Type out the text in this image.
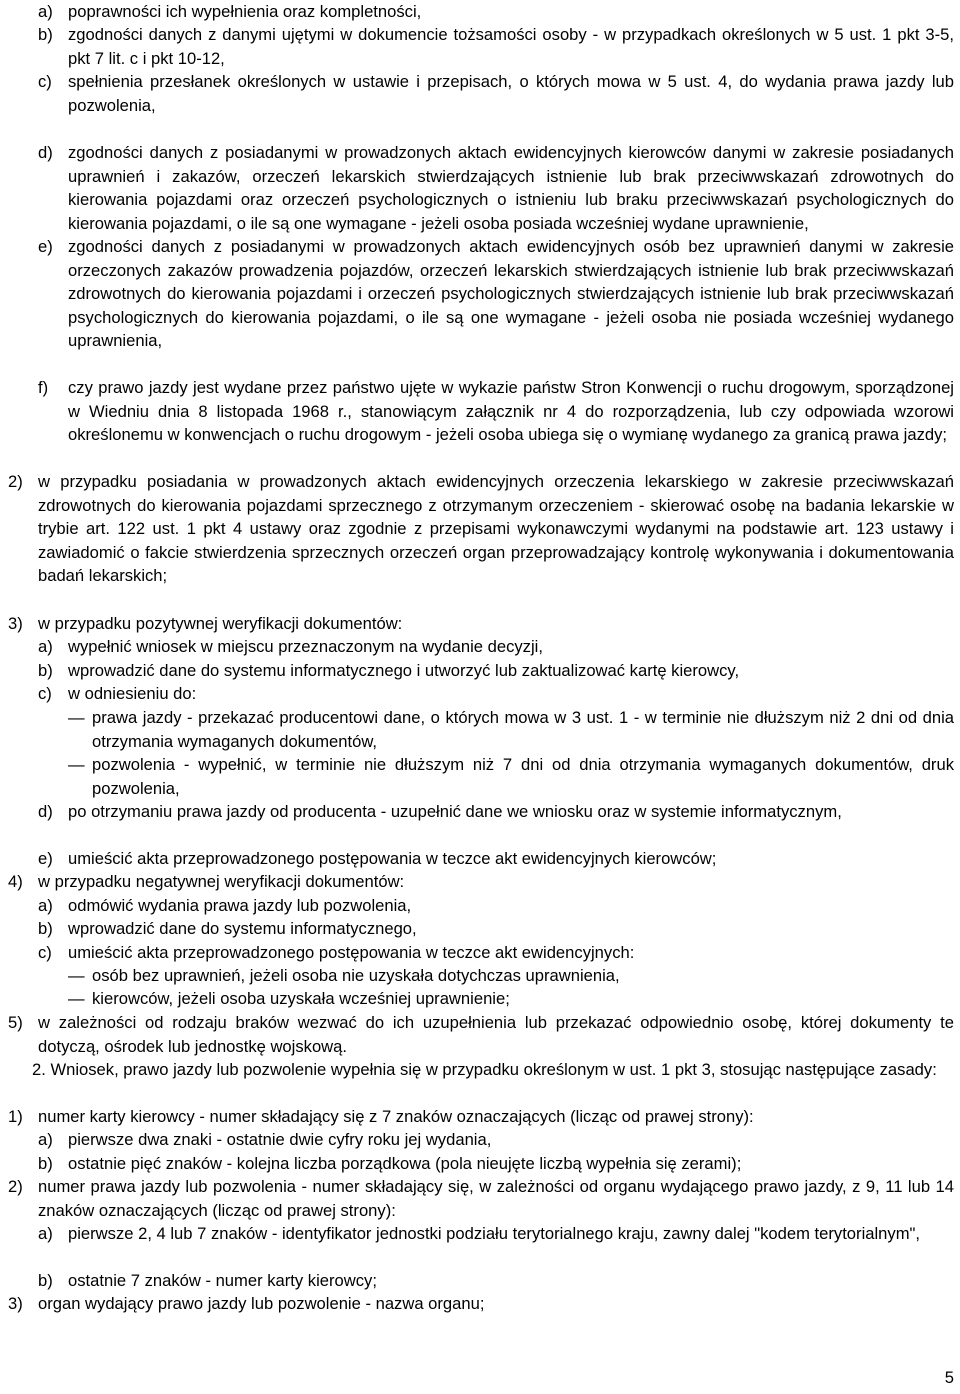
a) poprawności ich wypełnienia oraz kompletności,
b) zgodności danych z danymi ujętymi w dokumencie tożsamości osoby - w przypadkach określonych w 5 ust. 1 pkt 3-5, pkt 7 lit. c i pkt 10-12,
c) spełnienia przesłanek określonych w ustawie i przepisach, o których mowa w 5 ust. 4, do wydania prawa jazdy lub pozwolenia,
d) zgodności danych z posiadanymi w prowadzonych aktach ewidencyjnych kierowców danymi w zakresie posiadanych uprawnień i zakazów, orzeczeń lekarskich stwierdzających istnienie lub brak przeciwwskazań zdrowotnych do kierowania pojazdami oraz orzeczeń psychologicznych o istnieniu lub braku przeciwwskazań psychologicznych do kierowania pojazdami, o ile są one wymagane - jeżeli osoba posiada wcześniej wydane uprawnienie,
e) zgodności danych z posiadanymi w prowadzonych aktach ewidencyjnych osób bez uprawnień danymi w zakresie orzeczonych zakazów prowadzenia pojazdów, orzeczeń lekarskich stwierdzających istnienie lub brak przeciwwskazań zdrowotnych do kierowania pojazdami i orzeczeń psychologicznych stwierdzających istnienie lub brak przeciwwskazań psychologicznych do kierowania pojazdami, o ile są one wymagane - jeżeli osoba nie posiada wcześniej wydanego uprawnienia,
f) czy prawo jazdy jest wydane przez państwo ujęte w wykazie państw Stron Konwencji o ruchu drogowym, sporządzonej w Wiedniu dnia 8 listopada 1968 r., stanowiącym załącznik nr 4 do rozporządzenia, lub czy odpowiada wzorowi określonemu w konwencjach o ruchu drogowym - jeżeli osoba ubiega się o wymianę wydanego za granicą prawa jazdy;
2) w przypadku posiadania w prowadzonych aktach ewidencyjnych orzeczenia lekarskiego w zakresie przeciwwskazań zdrowotnych do kierowania pojazdami sprzecznego z otrzymanym orzeczeniem - skierować osobę na badania lekarskie w trybie art. 122 ust. 1 pkt 4 ustawy oraz zgodnie z przepisami wykonawczymi wydanymi na podstawie art. 123 ustawy i zawiadomić o fakcie stwierdzenia sprzecznych orzeczeń organ przeprowadzający kontrolę wykonywania i dokumentowania badań lekarskich;
3) w przypadku pozytywnej weryfikacji dokumentów:
a) wypełnić wniosek w miejscu przeznaczonym na wydanie decyzji,
b) wprowadzić dane do systemu informatycznego i utworzyć lub zaktualizować kartę kierowcy,
c) w odniesieniu do:
— prawa jazdy - przekazać producentowi dane, o których mowa w 3 ust. 1 - w terminie nie dłuższym niż 2 dni od dnia otrzymania wymaganych dokumentów,
— pozwolenia - wypełnić, w terminie nie dłuższym niż 7 dni od dnia otrzymania wymaganych dokumentów, druk pozwolenia,
d) po otrzymaniu prawa jazdy od producenta - uzupełnić dane we wniosku oraz w systemie informatycznym,
e) umieścić akta przeprowadzonego postępowania w teczce akt ewidencyjnych kierowców;
4) w przypadku negatywnej weryfikacji dokumentów:
a) odmówić wydania prawa jazdy lub pozwolenia,
b) wprowadzić dane do systemu informatycznego,
c) umieścić akta przeprowadzonego postępowania w teczce akt ewidencyjnych:
— osób bez uprawnień, jeżeli osoba nie uzyskała dotychczas uprawnienia,
— kierowców, jeżeli osoba uzyskała wcześniej uprawnienie;
5) w zależności od rodzaju braków wezwać do ich uzupełnienia lub przekazać odpowiednio osobę, której dokumenty te dotyczą, ośrodek lub jednostkę wojskową.
2. Wniosek, prawo jazdy lub pozwolenie wypełnia się w przypadku określonym w ust. 1 pkt 3, stosując następujące zasady:
1) numer karty kierowcy - numer składający się z 7 znaków oznaczających (licząc od prawej strony):
a) pierwsze dwa znaki - ostatnie dwie cyfry roku jej wydania,
b) ostatnie pięć znaków - kolejna liczba porządkowa (pola nieujęte liczbą wypełnia się zerami);
2) numer prawa jazdy lub pozwolenia - numer składający się, w zależności od organu wydającego prawo jazdy, z 9, 11 lub 14 znaków oznaczających (licząc od prawej strony):
a) pierwsze 2, 4 lub 7 znaków - identyfikator jednostki podziału terytorialnego kraju, zawny dalej "kodem terytorialnym",
b) ostatnie 7 znaków - numer karty kierowcy;
3) organ wydający prawo jazdy lub pozwolenie - nazwa organu;
5
